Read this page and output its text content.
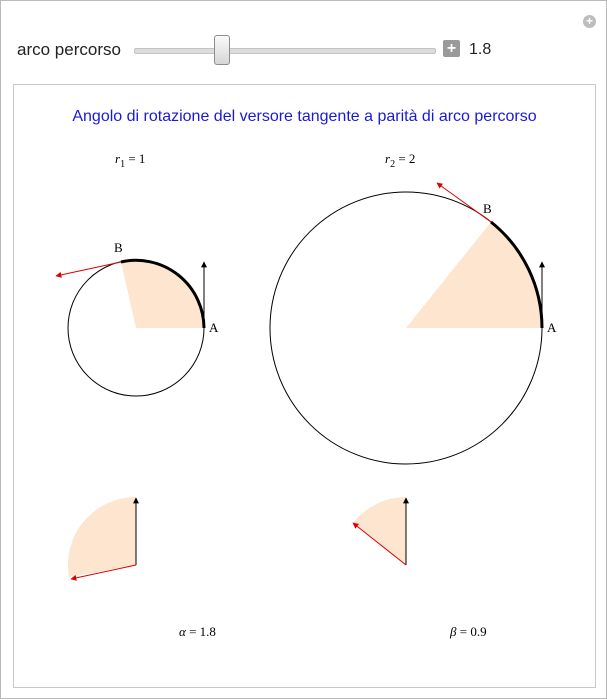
+
arco percorso	+ 1.8
Angolo di rotazione del versore tangente a parità di arco percorso
$r_1 = 1$	$r_2 = 2$
A
B
A
B
α = 1.8	β = 0.9
